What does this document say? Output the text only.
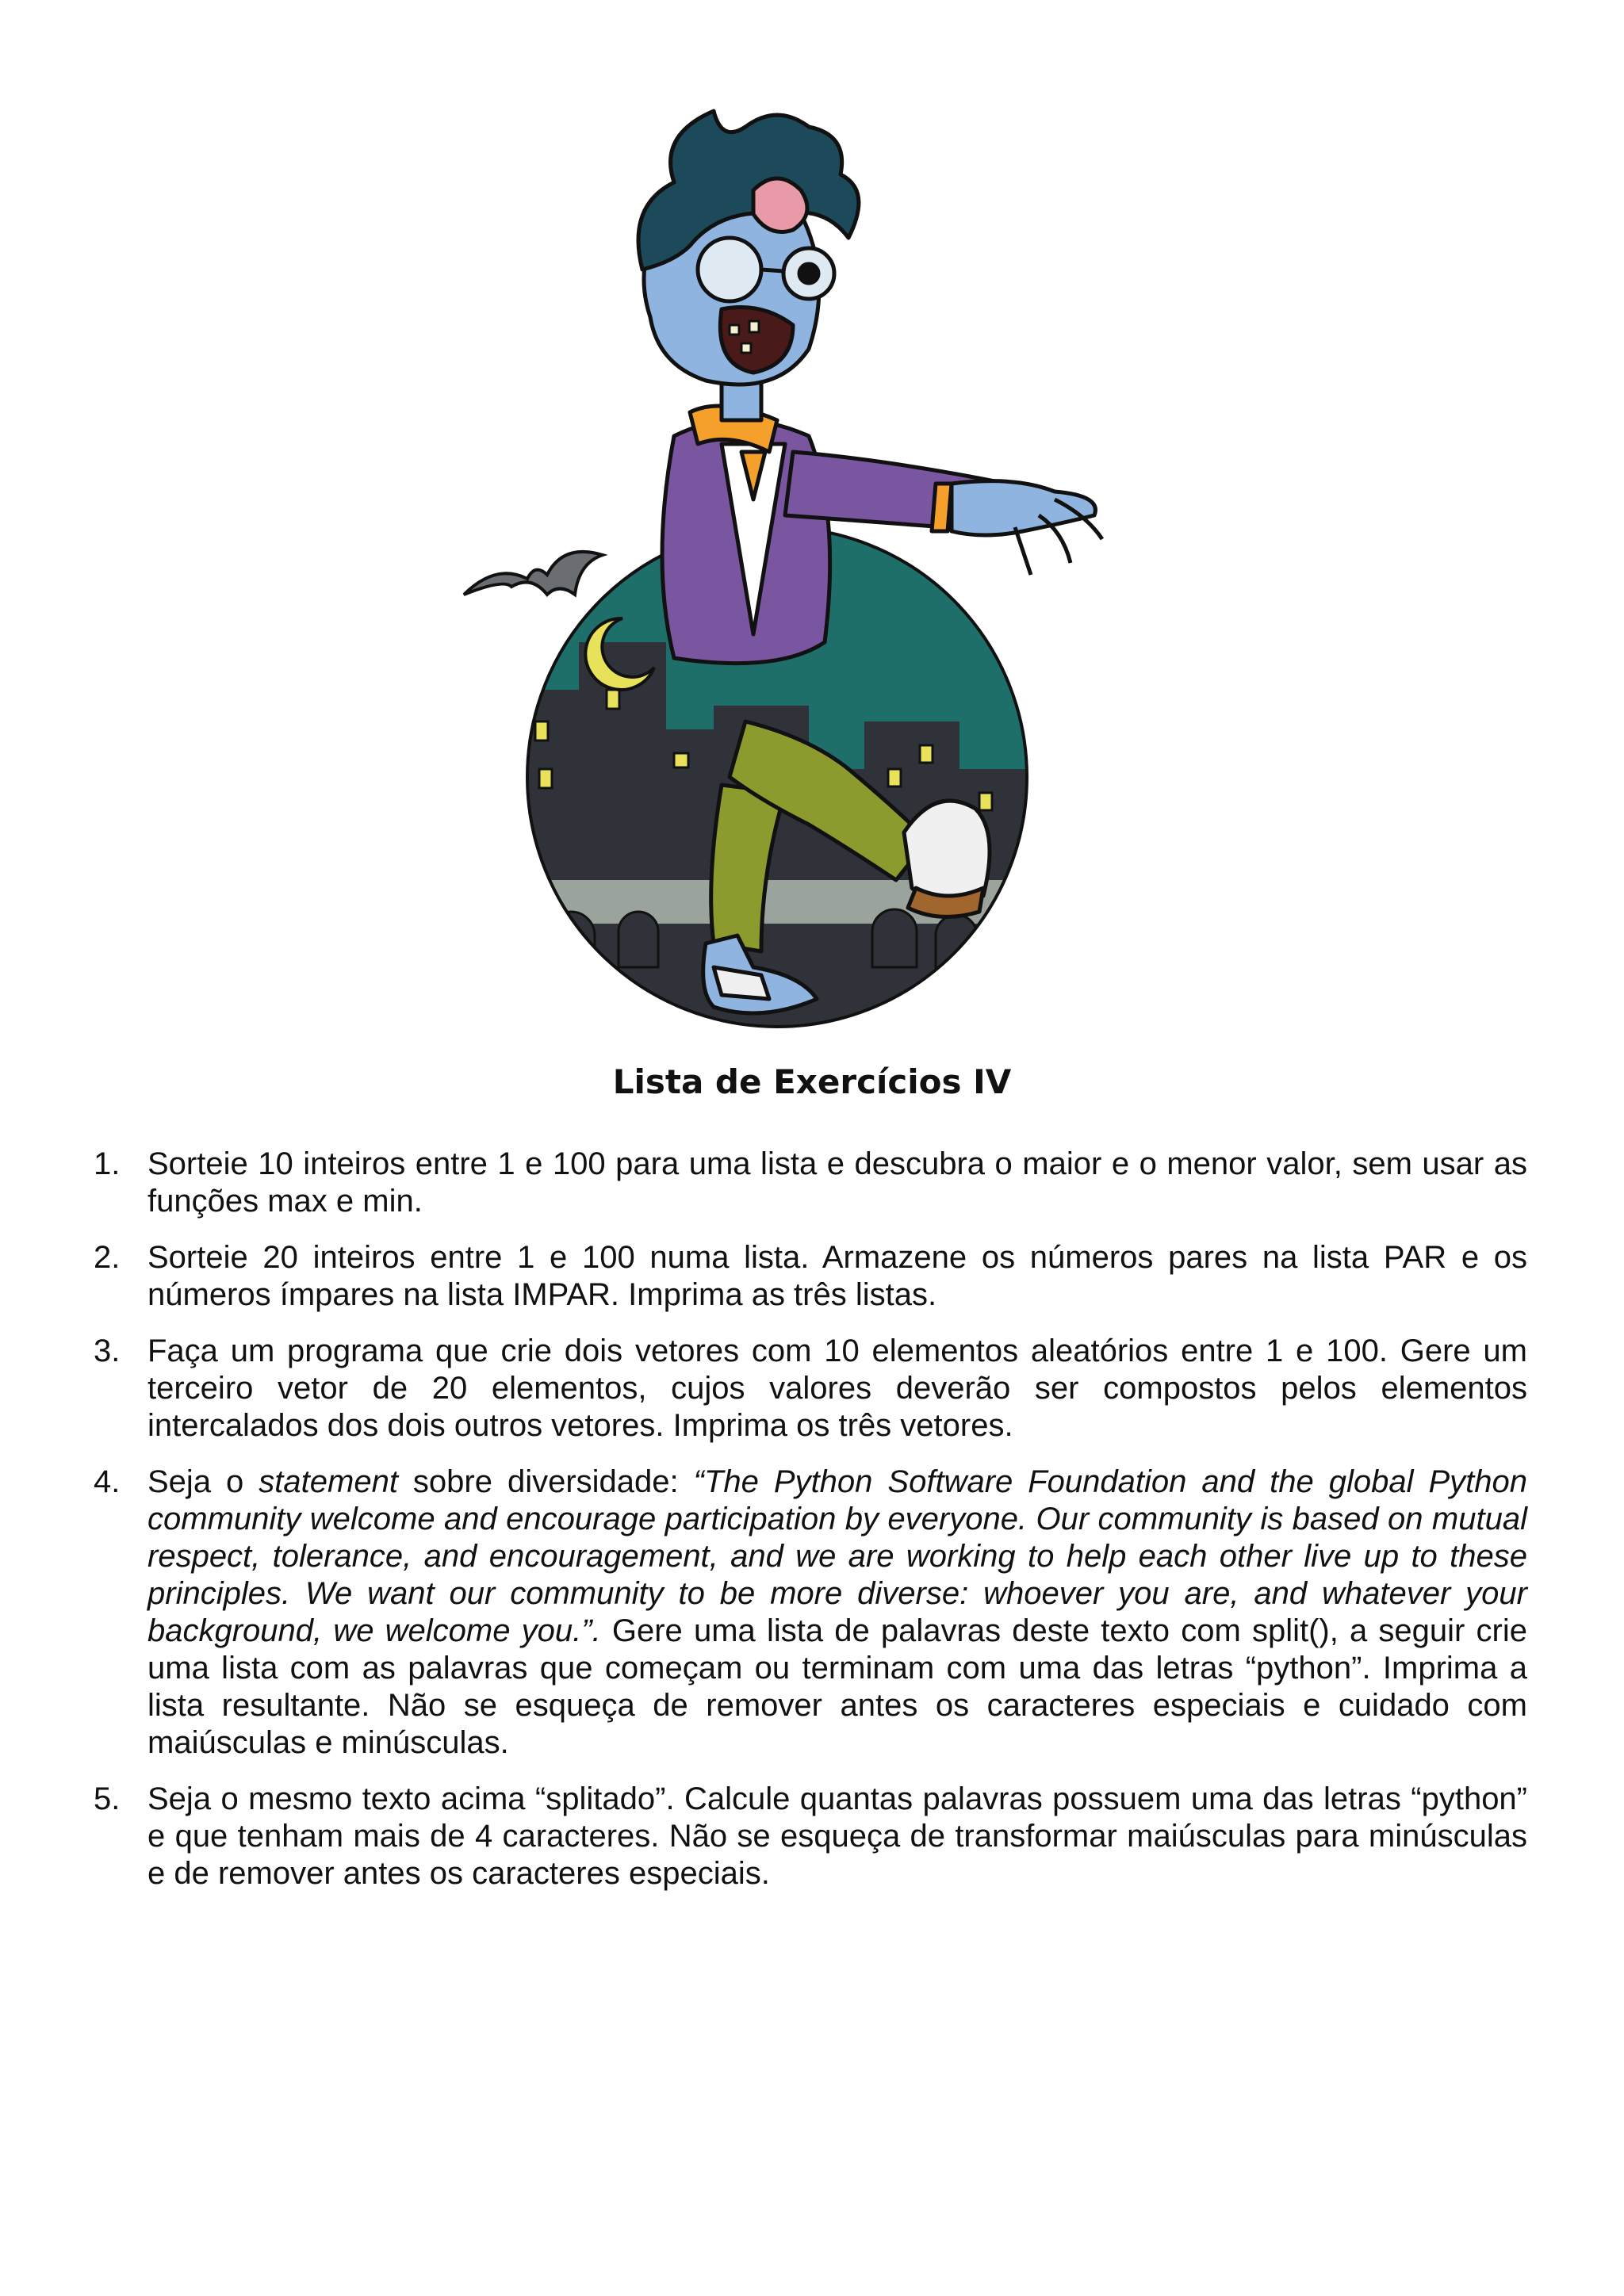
Lista de Exercícios IV
1. Sorteie 10 inteiros entre 1 e 100 para uma lista e descubra o maior e o menor valor, sem usar as funções max e min.
2. Sorteie 20 inteiros entre 1 e 100 numa lista. Armazene os números pares na lista PAR e os números ímpares na lista IMPAR. Imprima as três listas.
3. Faça um programa que crie dois vetores com 10 elementos aleatórios entre 1 e 100. Gere um terceiro vetor de 20 elementos, cujos valores deverão ser compostos pelos elementos intercalados dos dois outros vetores. Imprima os três vetores.
4. Seja o statement sobre diversidade: “The Python Software Foundation and the global Python community welcome and encourage participation by everyone. Our community is based on mutual respect, tolerance, and encouragement, and we are working to help each other live up to these principles. We want our community to be more diverse: whoever you are, and whatever your background, we welcome you.”. Gere uma lista de palavras deste texto com split(), a seguir crie uma lista com as palavras que começam ou terminam com uma das letras “python”. Imprima a lista resultante. Não se esqueça de remover antes os caracteres especiais e cuidado com maiúsculas e minúsculas.
5. Seja o mesmo texto acima “splitado”. Calcule quantas palavras possuem uma das letras “python” e que tenham mais de 4 caracteres. Não se esqueça de transformar maiúsculas para minúsculas e de remover antes os caracteres especiais.
